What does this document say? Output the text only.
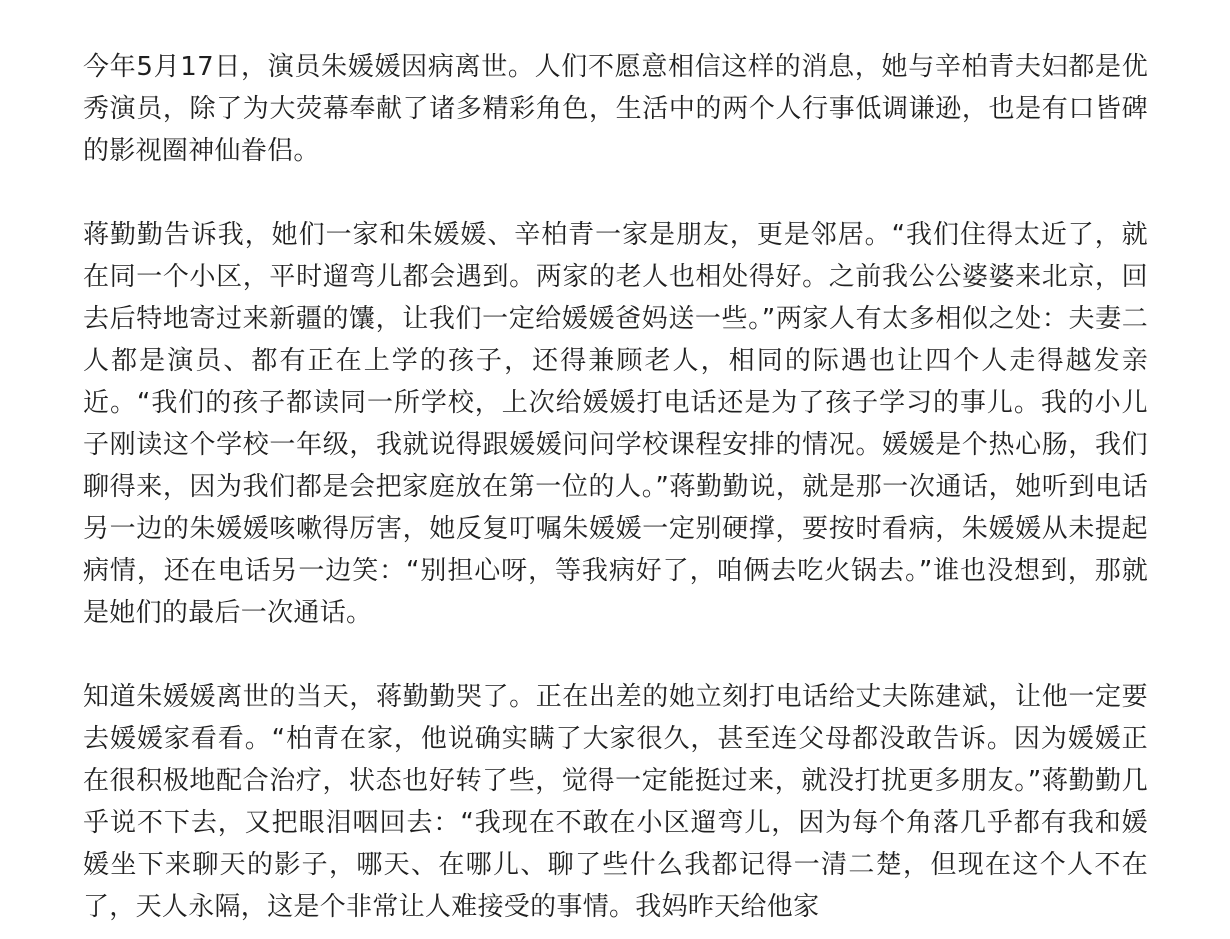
今年5月17日，演员朱媛媛因病离世。人们不愿意相信这样的消息，她与辛柏青夫妇都是优秀演员，除了为大荧幕奉献了诸多精彩角色，生活中的两个人行事低调谦逊，也是有口皆碑的影视圈神仙眷侣。

蒋勤勤告诉我，她们一家和朱媛媛、辛柏青一家是朋友，更是邻居。“我们住得太近了，就在同一个小区，平时遛弯儿都会遇到。两家的老人也相处得好。之前我公公婆婆来北京，回去后特地寄过来新疆的馕，让我们一定给媛媛爸妈送一些。”两家人有太多相似之处：夫妻二人都是演员、都有正在上学的孩子，还得兼顾老人，相同的际遇也让四个人走得越发亲近。“我们的孩子都读同一所学校，上次给媛媛打电话还是为了孩子学习的事儿。我的小儿子刚读这个学校一年级，我就说得跟媛媛问问学校课程安排的情况。媛媛是个热心肠，我们聊得来，因为我们都是会把家庭放在第一位的人。”蒋勤勤说，就是那一次通话，她听到电话另一边的朱媛媛咳嗽得厉害，她反复叮嘱朱媛媛一定别硬撑，要按时看病，朱媛媛从未提起病情，还在电话另一边笑：“别担心呀，等我病好了，咱俩去吃火锅去。”谁也没想到，那就是她们的最后一次通话。

知道朱媛媛离世的当天，蒋勤勤哭了。正在出差的她立刻打电话给丈夫陈建斌，让他一定要去媛媛家看看。“柏青在家，他说确实瞒了大家很久，甚至连父母都没敢告诉。因为媛媛正在很积极地配合治疗，状态也好转了些，觉得一定能挺过来，就没打扰更多朋友。”蒋勤勤几乎说不下去，又把眼泪咽回去：“我现在不敢在小区遛弯儿，因为每个角落几乎都有我和媛媛坐下来聊天的影子，哪天、在哪儿、聊了些什么我都记得一清二楚，但现在这个人不在了，天人永隔，这是个非常让人难接受的事情。我妈昨天给他家
